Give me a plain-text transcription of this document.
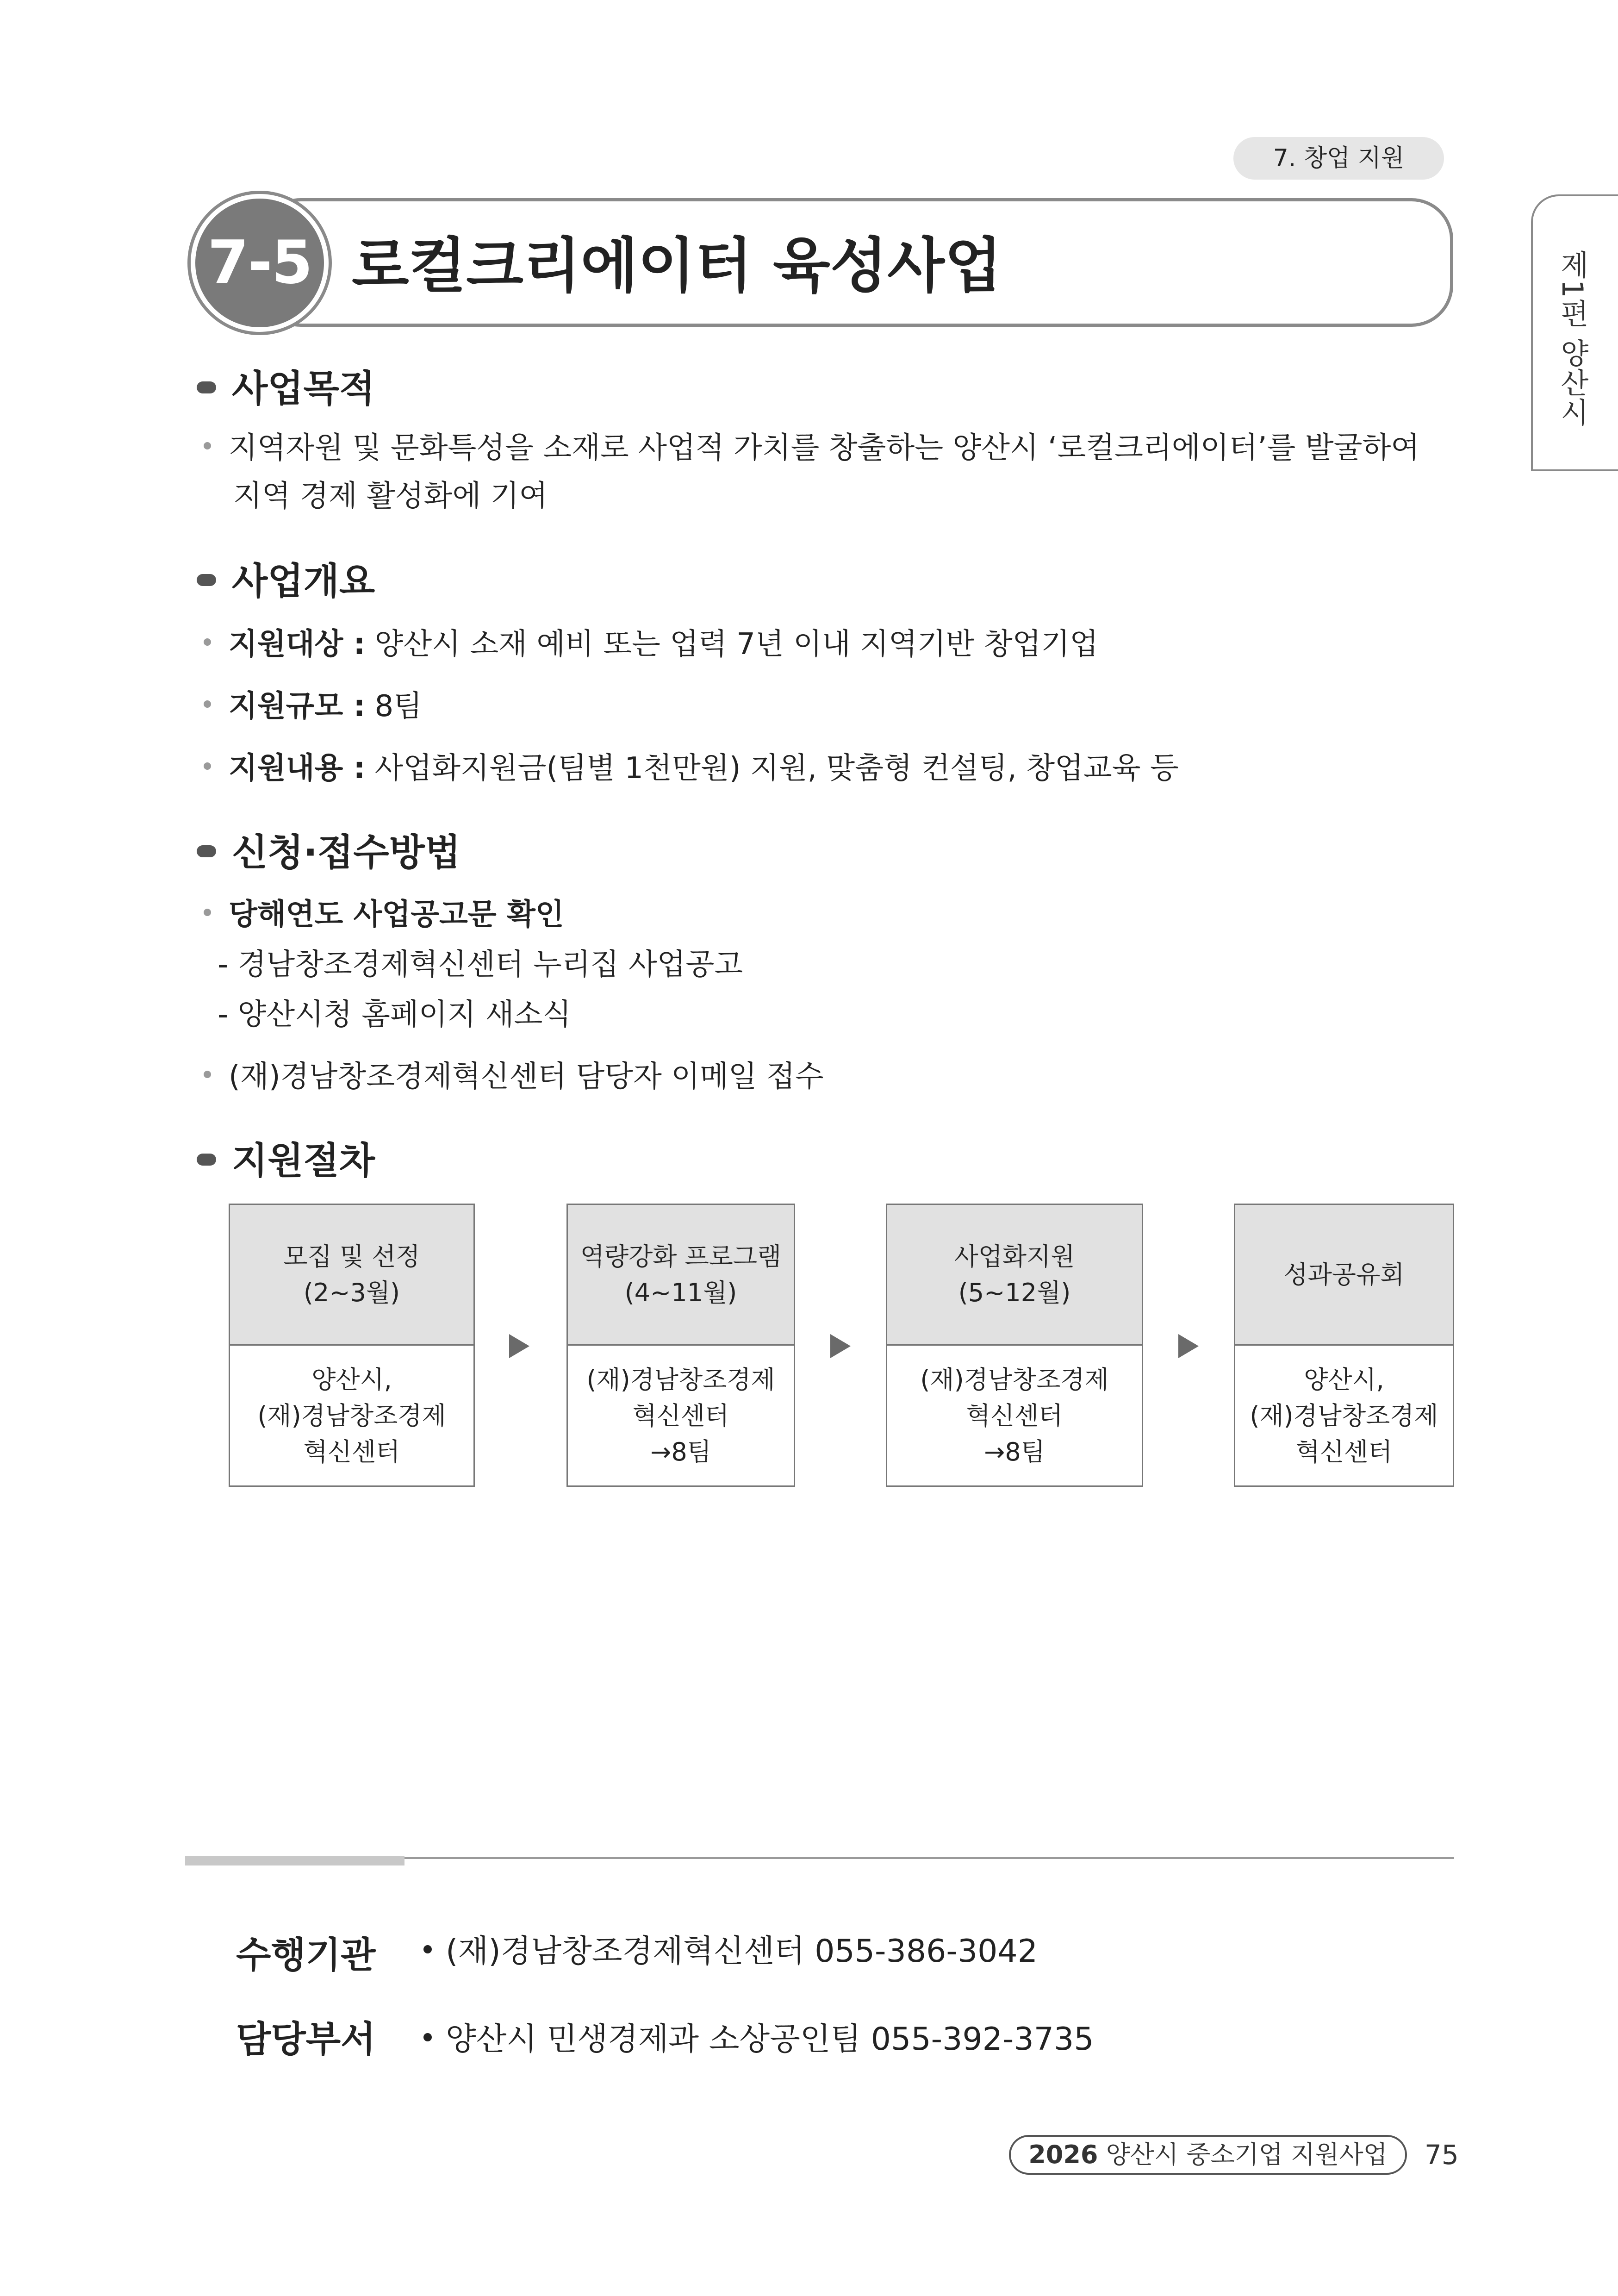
7. 창업 지원
제1편 양산시
7-5 로컬크리에이터 육성사업
사업목적
지역자원 및 문화특성을 소재로 사업적 가치를 창출하는 양산시 ‘로컬크리에이터’를 발굴하여
지역 경제 활성화에 기여
사업개요
지원대상 : 양산시 소재 예비 또는 업력 7년 이내 지역기반 창업기업
지원규모 : 8팀
지원내용 : 사업화지원금(팀별 1천만원) 지원, 맞춤형 컨설팅, 창업교육 등
신청·접수방법
당해연도 사업공고문 확인
- 경남창조경제혁신센터 누리집 사업공고
- 양산시청 홈페이지 새소식
(재)경남창조경제혁신센터 담당자 이메일 접수
지원절차
모집 및 선정
(2~3월)
양산시,
(재)경남창조경제
혁신센터
역량강화 프로그램
(4~11월)
(재)경남창조경제
혁신센터
→8팀
사업화지원
(5~12월)
(재)경남창조경제
혁신센터
→8팀
성과공유회
양산시,
(재)경남창조경제
혁신센터
수행기관	(재)경남창조경제혁신센터 055-386-3042
담당부서	양산시 민생경제과 소상공인팀 055-392-3735
2026 양산시 중소기업 지원사업	75
